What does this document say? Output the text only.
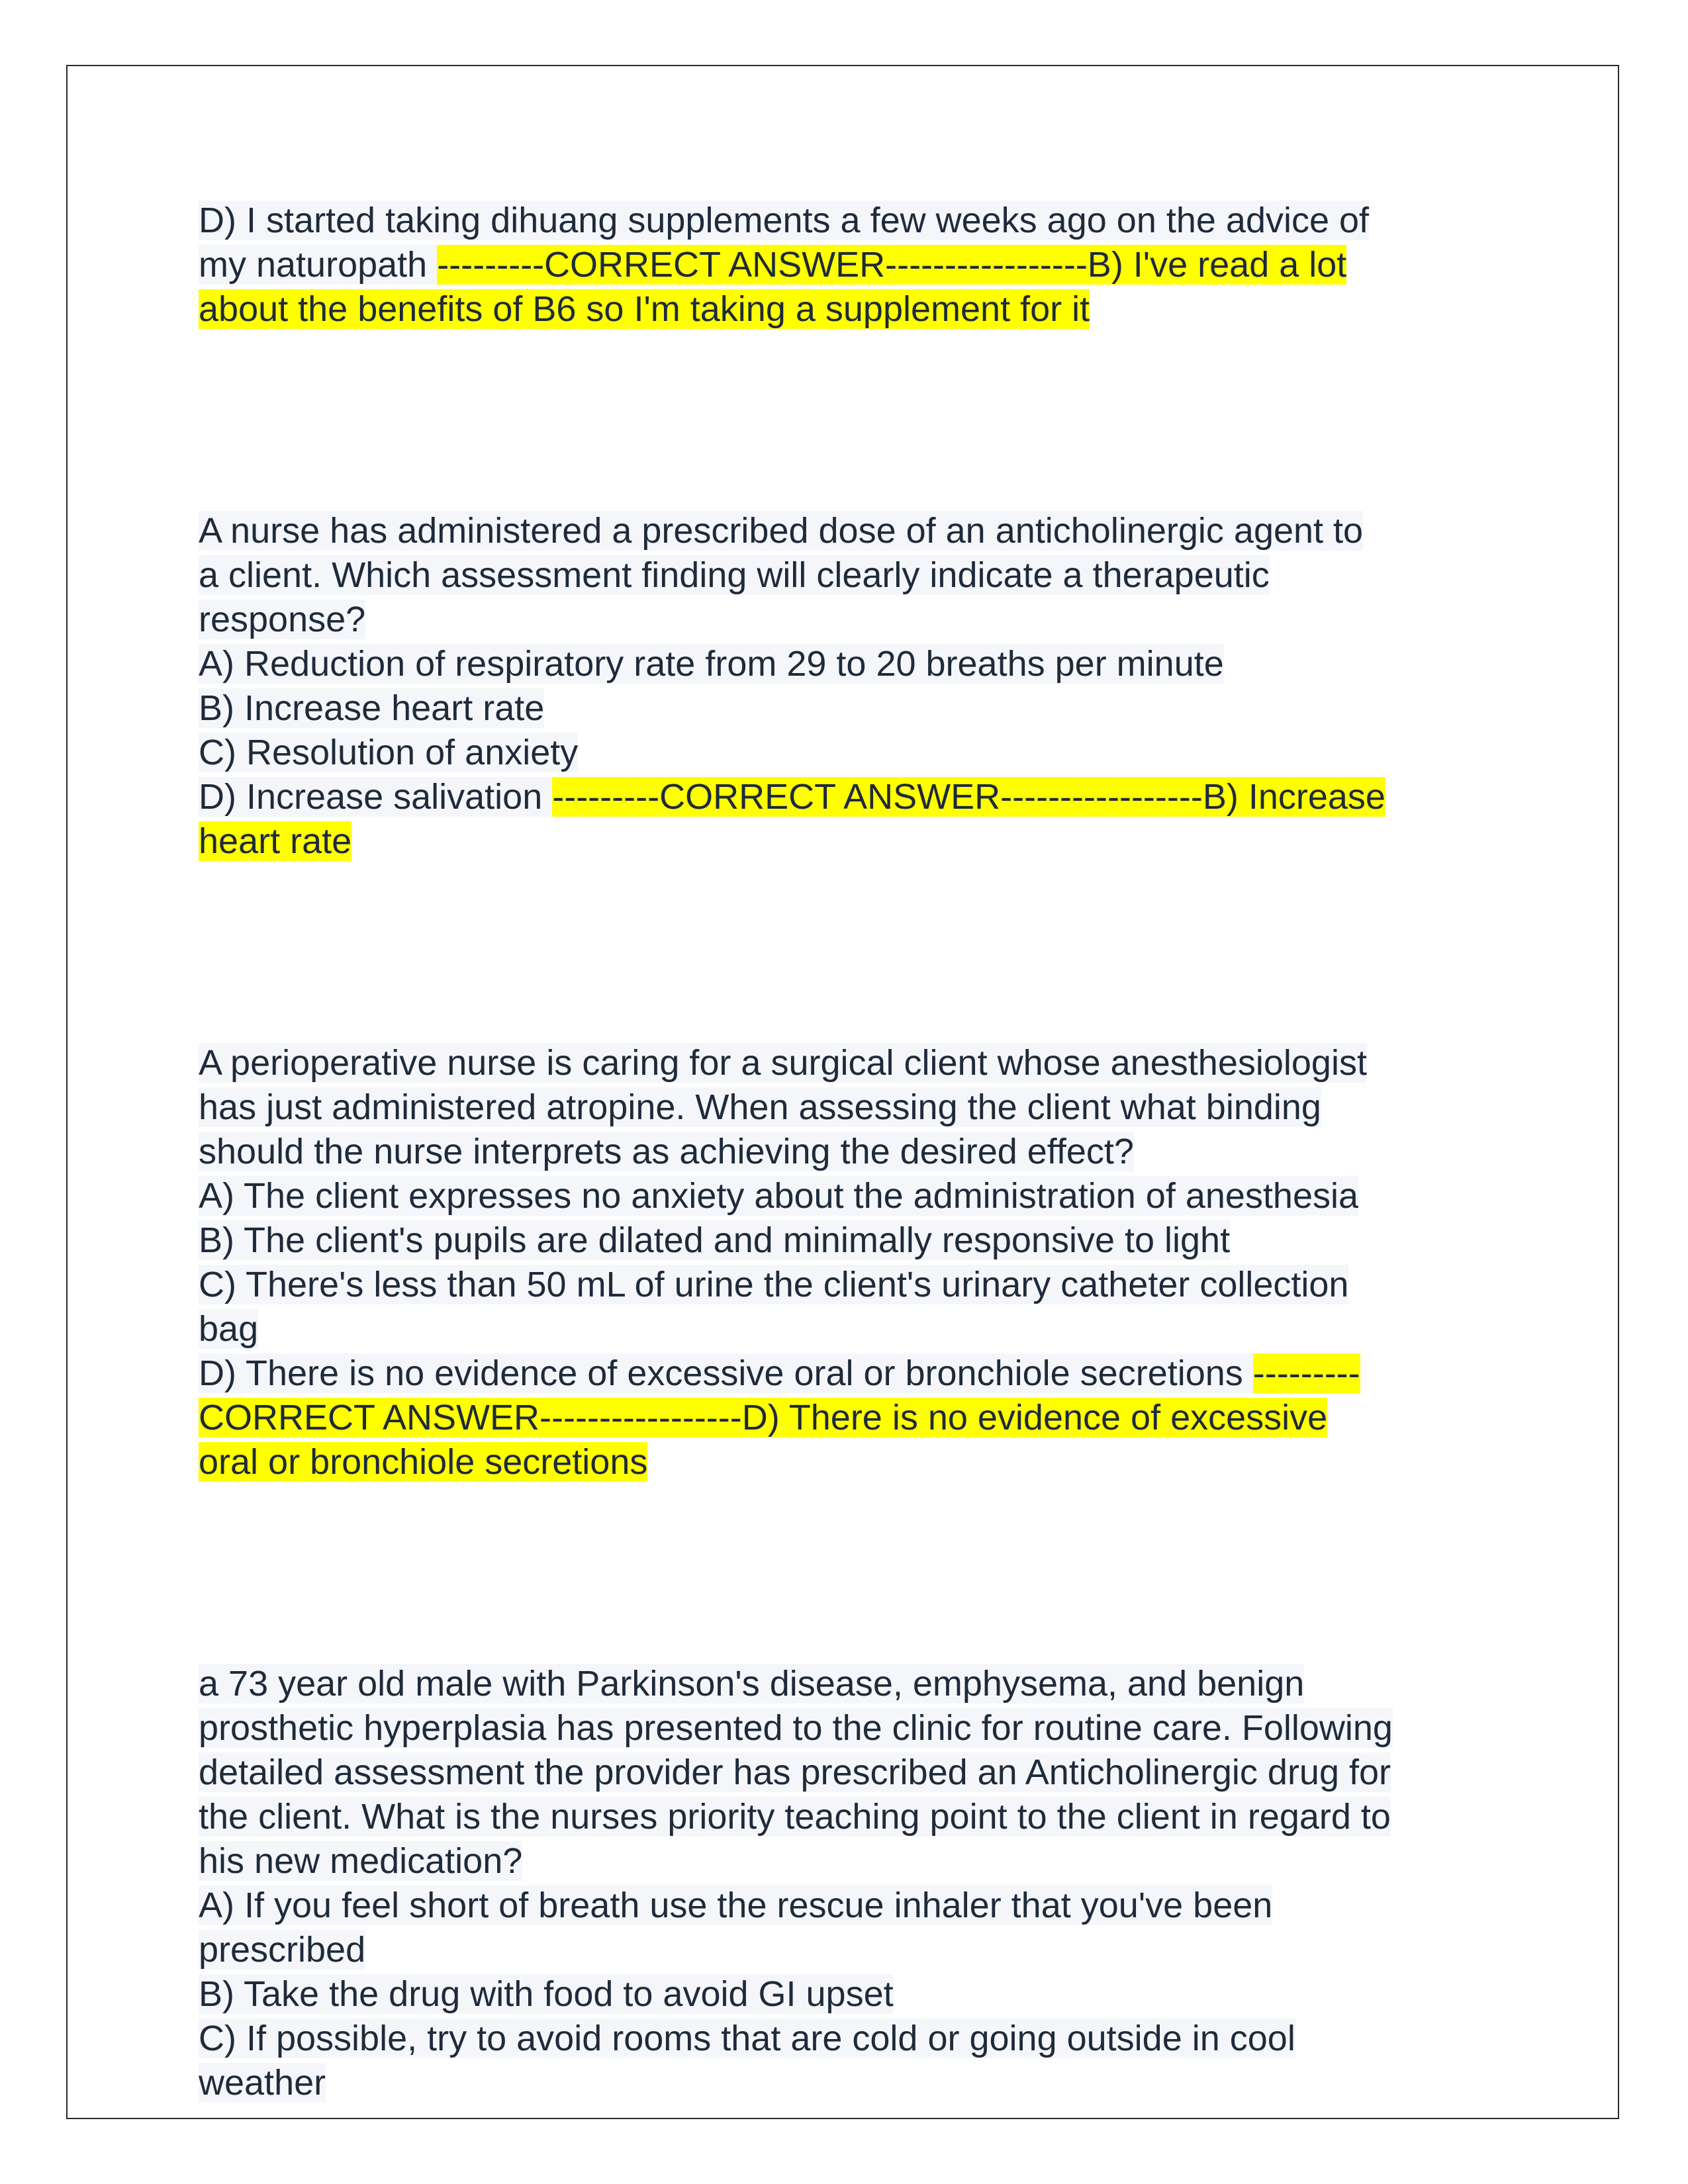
D) I started taking dihuang supplements a few weeks ago on the advice of
my naturopath ---------CORRECT ANSWER-----------------B) I've read a lot
about the benefits of B6 so I'm taking a supplement for it
A nurse has administered a prescribed dose of an anticholinergic agent to
a client. Which assessment finding will clearly indicate a therapeutic
response?
A) Reduction of respiratory rate from 29 to 20 breaths per minute
B) Increase heart rate
C) Resolution of anxiety
D) Increase salivation ---------CORRECT ANSWER-----------------B) Increase
heart rate
A perioperative nurse is caring for a surgical client whose anesthesiologist
has just administered atropine. When assessing the client what binding
should the nurse interprets as achieving the desired effect?
A) The client expresses no anxiety about the administration of anesthesia
B) The client's pupils are dilated and minimally responsive to light
C) There's less than 50 mL of urine the client's urinary catheter collection
bag
D) There is no evidence of excessive oral or bronchiole secretions ---------
CORRECT ANSWER-----------------D) There is no evidence of excessive
oral or bronchiole secretions
a 73 year old male with Parkinson's disease, emphysema, and benign
prosthetic hyperplasia has presented to the clinic for routine care. Following
detailed assessment the provider has prescribed an Anticholinergic drug for
the client. What is the nurses priority teaching point to the client in regard to
his new medication?
A) If you feel short of breath use the rescue inhaler that you've been
prescribed
B) Take the drug with food to avoid GI upset
C) If possible, try to avoid rooms that are cold or going outside in cool
weather
